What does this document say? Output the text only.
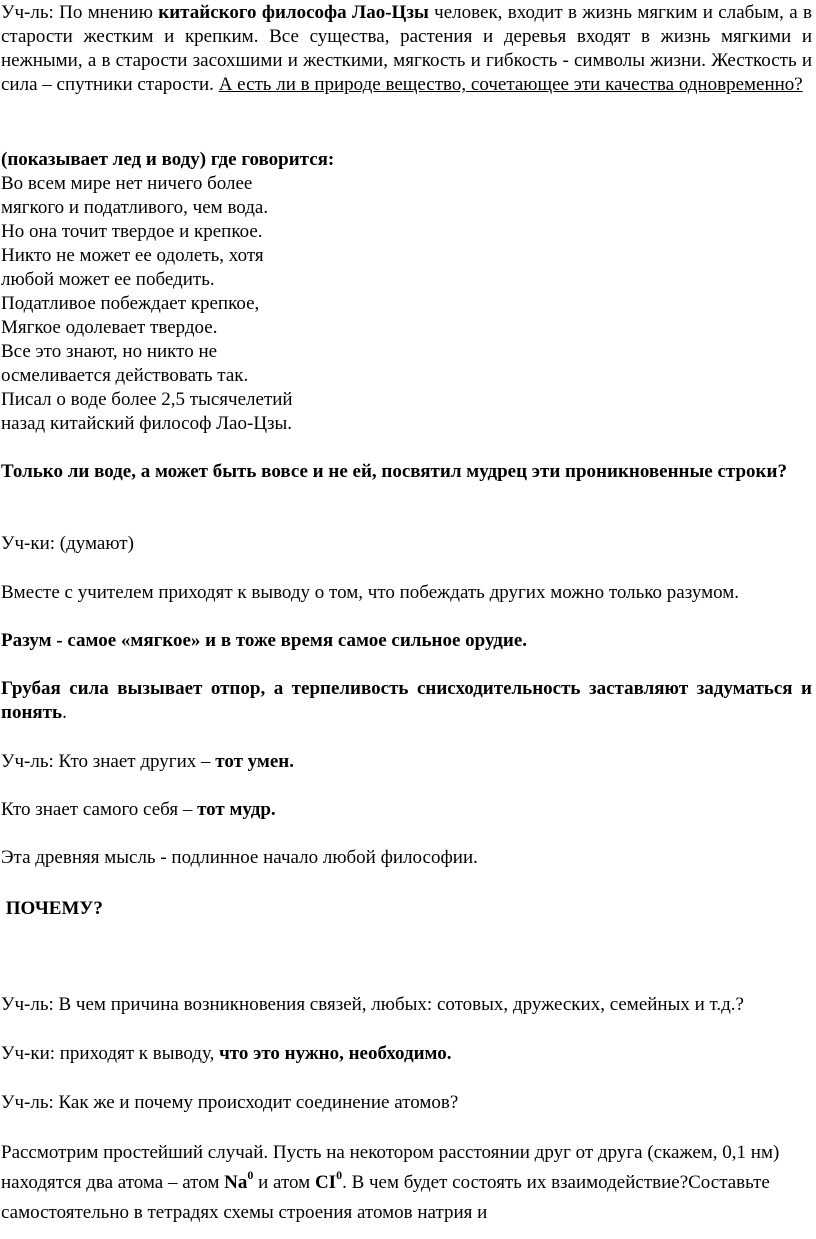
Уч-ль: По мнению китайского философа Лао-Цзы человек, входит в жизнь мягким и слабым, а в старости жестким и крепким. Все существа, растения и деревья входят в жизнь мягкими и нежными, а в старости засохшими и жесткими, мягкость и гибкость - символы жизни. Жесткость и сила – спутники старости. А есть ли в природе вещество, сочетающее эти качества одновременно?

(показывает лед и воду) где говорится:

Во всем мире нет ничего более

мягкого и податливого, чем вода.

Но она точит твердое и крепкое.

Никто не может ее одолеть, хотя

любой может ее победить.

Податливое побеждает крепкое,

Мягкое одолевает твердое.

Все это знают, но никто не

осмеливается действовать так.

Писал о воде более 2,5 тысячелетий

назад китайский философ Лао-Цзы.

Только ли воде, а может быть вовсе и не ей, посвятил мудрец эти проникновенные строки?

Уч-ки: (думают)

Вместе с учителем приходят к выводу о том, что побеждать других можно только разумом.

Разум - самое «мягкое» и в тоже время самое сильное орудие.

Грубая сила вызывает отпор, а терпеливость снисходительность заставляют задуматься и понять.

Уч-ль: Кто знает других – тот умен.

Кто знает самого себя – тот мудр.

Эта древняя мысль - подлинное начало любой философии.

ПОЧЕМУ?

Уч-ль: В чем причина возникновения связей, любых: сотовых, дружеских, семейных и т.д.?

Уч-ки: приходят к выводу, что это нужно, необходимо.

Уч-ль: Как же и почему происходит соединение атомов?

Рассмотрим простейший случай. Пусть на некотором расстоянии друг от друга (скажем, 0,1 нм) находятся два атома – атом Na$^0$ и атом $CI^0$. В чем будет состоять их взаимодействие?Составьте самостоятельно в тетрадях схемы строения атомов натрия и
